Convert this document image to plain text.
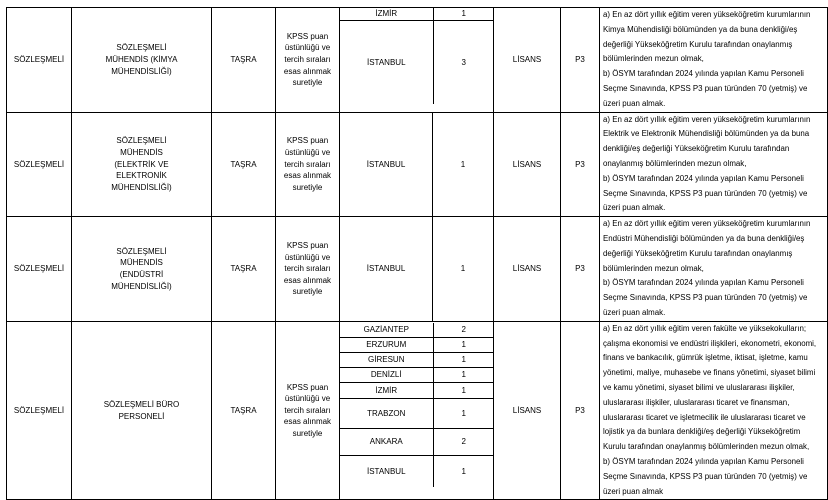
SÖZLEŞMELİ	SÖZLEŞMELİ
MÜHENDİS (KİMYA
MÜHENDİSLİĞİ)	TAŞRA	KPSS puan
üstünlüğü ve
tercih sıraları
esas alınmak
suretiyle	
İZMİR	1
İSTANBUL	3
		LİSANS	P3	a) En az dört yıllık eğitim veren yükseköğretim kurumlarının
Kimya Mühendisliği bölümünden ya da buna denkliği/eş
değerliği Yükseköğretim Kurulu tarafından onaylanmış
bölümlerinden mezun olmak,
b) ÖSYM tarafından 2024 yılında yapılan Kamu Personeli
Seçme Sınavında, KPSS P3 puan türünden 70 (yetmiş) ve
üzeri puan almak.
SÖZLEŞMELİ	SÖZLEŞMELİ
MÜHENDİS
(ELEKTRİK VE
ELEKTRONİK
MÜHENDİSLİĞİ)	TAŞRA	KPSS puan
üstünlüğü ve
tercih sıraları
esas alınmak
suretiyle	İSTANBUL	1	LİSANS	P3	a) En az dört yıllık eğitim veren yükseköğretim kurumlarının
Elektrik ve Elektronik Mühendisliği bölümünden ya da buna
denkliği/eş değerliği Yükseköğretim Kurulu tarafından
onaylanmış bölümlerinden mezun olmak,
b) ÖSYM tarafından 2024 yılında yapılan Kamu Personeli
Seçme Sınavında, KPSS P3 puan türünden 70 (yetmiş) ve
üzeri puan almak.
SÖZLEŞMELİ	SÖZLEŞMELİ
MÜHENDİS
(ENDÜSTRİ
MÜHENDİSLİĞİ)	TAŞRA	KPSS puan
üstünlüğü ve
tercih sıraları
esas alınmak
suretiyle	İSTANBUL	1	LİSANS	P3	a) En az dört yıllık eğitim veren yükseköğretim kurumlarının
Endüstri Mühendisliği bölümünden ya da buna denkliği/eş
değerliği Yükseköğretim Kurulu tarafından onaylanmış
bölümlerinden mezun olmak,
b) ÖSYM tarafından 2024 yılında yapılan Kamu Personeli
Seçme Sınavında, KPSS P3 puan türünden 70 (yetmiş) ve
üzeri puan almak.
SÖZLEŞMELİ	SÖZLEŞMELİ BÜRO
PERSONELİ	TAŞRA	KPSS puan
üstünlüğü ve
tercih sıraları
esas alınmak
suretiyle	
GAZİANTEP	2
ERZURUM	1
GİRESUN	1
DENİZLİ	1
İZMİR	1
TRABZON	1
ANKARA	2
İSTANBUL	1
	LİSANS	P3	a) En az dört yıllık eğitim veren fakülte ve yüksekokulların;
çalışma ekonomisi ve endüstri ilişkileri, ekonometri, ekonomi,
finans ve bankacılık, gümrük işletme, iktisat, işletme, kamu
yönetimi, maliye, muhasebe ve finans yönetimi, siyaset bilimi
ve kamu yönetimi, siyaset bilimi ve uluslararası ilişkiler,
uluslararası ilişkiler, uluslararası ticaret ve finansman,
uluslararası ticaret ve işletmecilik ile uluslararası ticaret ve
lojistik ya da bunlara denkliği/eş değerliği Yükseköğretim
Kurulu tarafından onaylanmış bölümlerinden mezun olmak,
b) ÖSYM tarafından 2024 yılında yapılan Kamu Personeli
Seçme Sınavında, KPSS P3 puan türünden 70 (yetmiş) ve
üzeri puan almak
